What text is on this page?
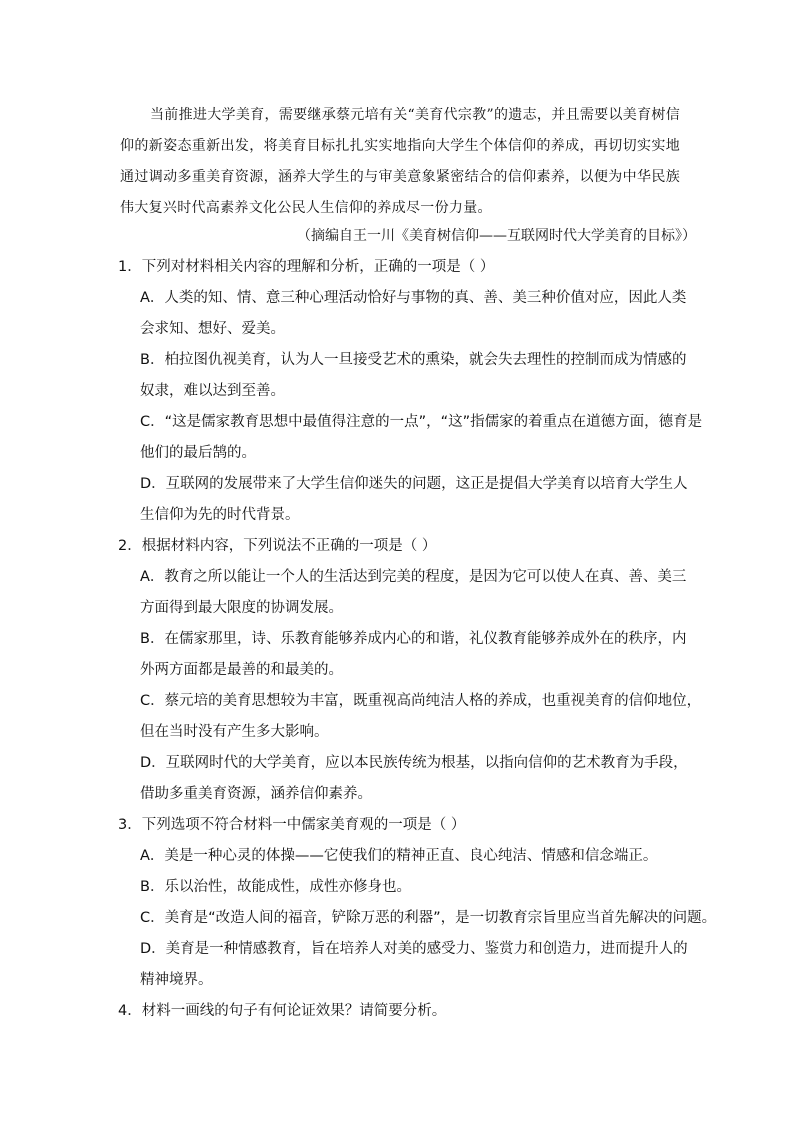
当前推进大学美育，需要继承蔡元培有关“美育代宗教”的遗志，并且需要以美育树信仰的新姿态重新出发，将美育目标扎扎实实地指向大学生个体信仰的养成，再切切实实地通过调动多重美育资源，涵养大学生的与审美意象紧密结合的信仰素养，以便为中华民族伟大复兴时代高素养文化公民人生信仰的养成尽一份力量。

（摘编自王一川《美育树信仰——互联网时代大学美育的目标》）
1．下列对材料相关内容的理解和分析，正确的一项是（ ）
A．人类的知、情、意三种心理活动恰好与事物的真、善、美三种价值对应，因此人类
会求知、想好、爱美。
B．柏拉图仇视美育，认为人一旦接受艺术的熏染，就会失去理性的控制而成为情感的
奴隶，难以达到至善。
C．“这是儒家教育思想中最值得注意的一点”，“这”指儒家的着重点在道德方面，德育是
他们的最后鹄的。
D．互联网的发展带来了大学生信仰迷失的问题，这正是提倡大学美育以培育大学生人
生信仰为先的时代背景。
2．根据材料内容，下列说法不正确的一项是（ ）
A．教育之所以能让一个人的生活达到完美的程度，是因为它可以使人在真、善、美三
方面得到最大限度的协调发展。
B．在儒家那里，诗、乐教育能够养成内心的和谐，礼仪教育能够养成外在的秩序，内
外两方面都是最善的和最美的。
C．蔡元培的美育思想较为丰富，既重视高尚纯洁人格的养成，也重视美育的信仰地位，
但在当时没有产生多大影响。
D．互联网时代的大学美育，应以本民族传统为根基，以指向信仰的艺术教育为手段，
借助多重美育资源，涵养信仰素养。
3．下列选项不符合材料一中儒家美育观的一项是（ ）
A．美是一种心灵的体操——它使我们的精神正直、良心纯洁、情感和信念端正。
B．乐以治性，故能成性，成性亦修身也。
C．美育是“改造人间的福音，铲除万恶的利器”，是一切教育宗旨里应当首先解决的问题。
D．美育是一种情感教育，旨在培养人对美的感受力、鉴赏力和创造力，进而提升人的
精神境界。
4．材料一画线的句子有何论证效果？请简要分析。
